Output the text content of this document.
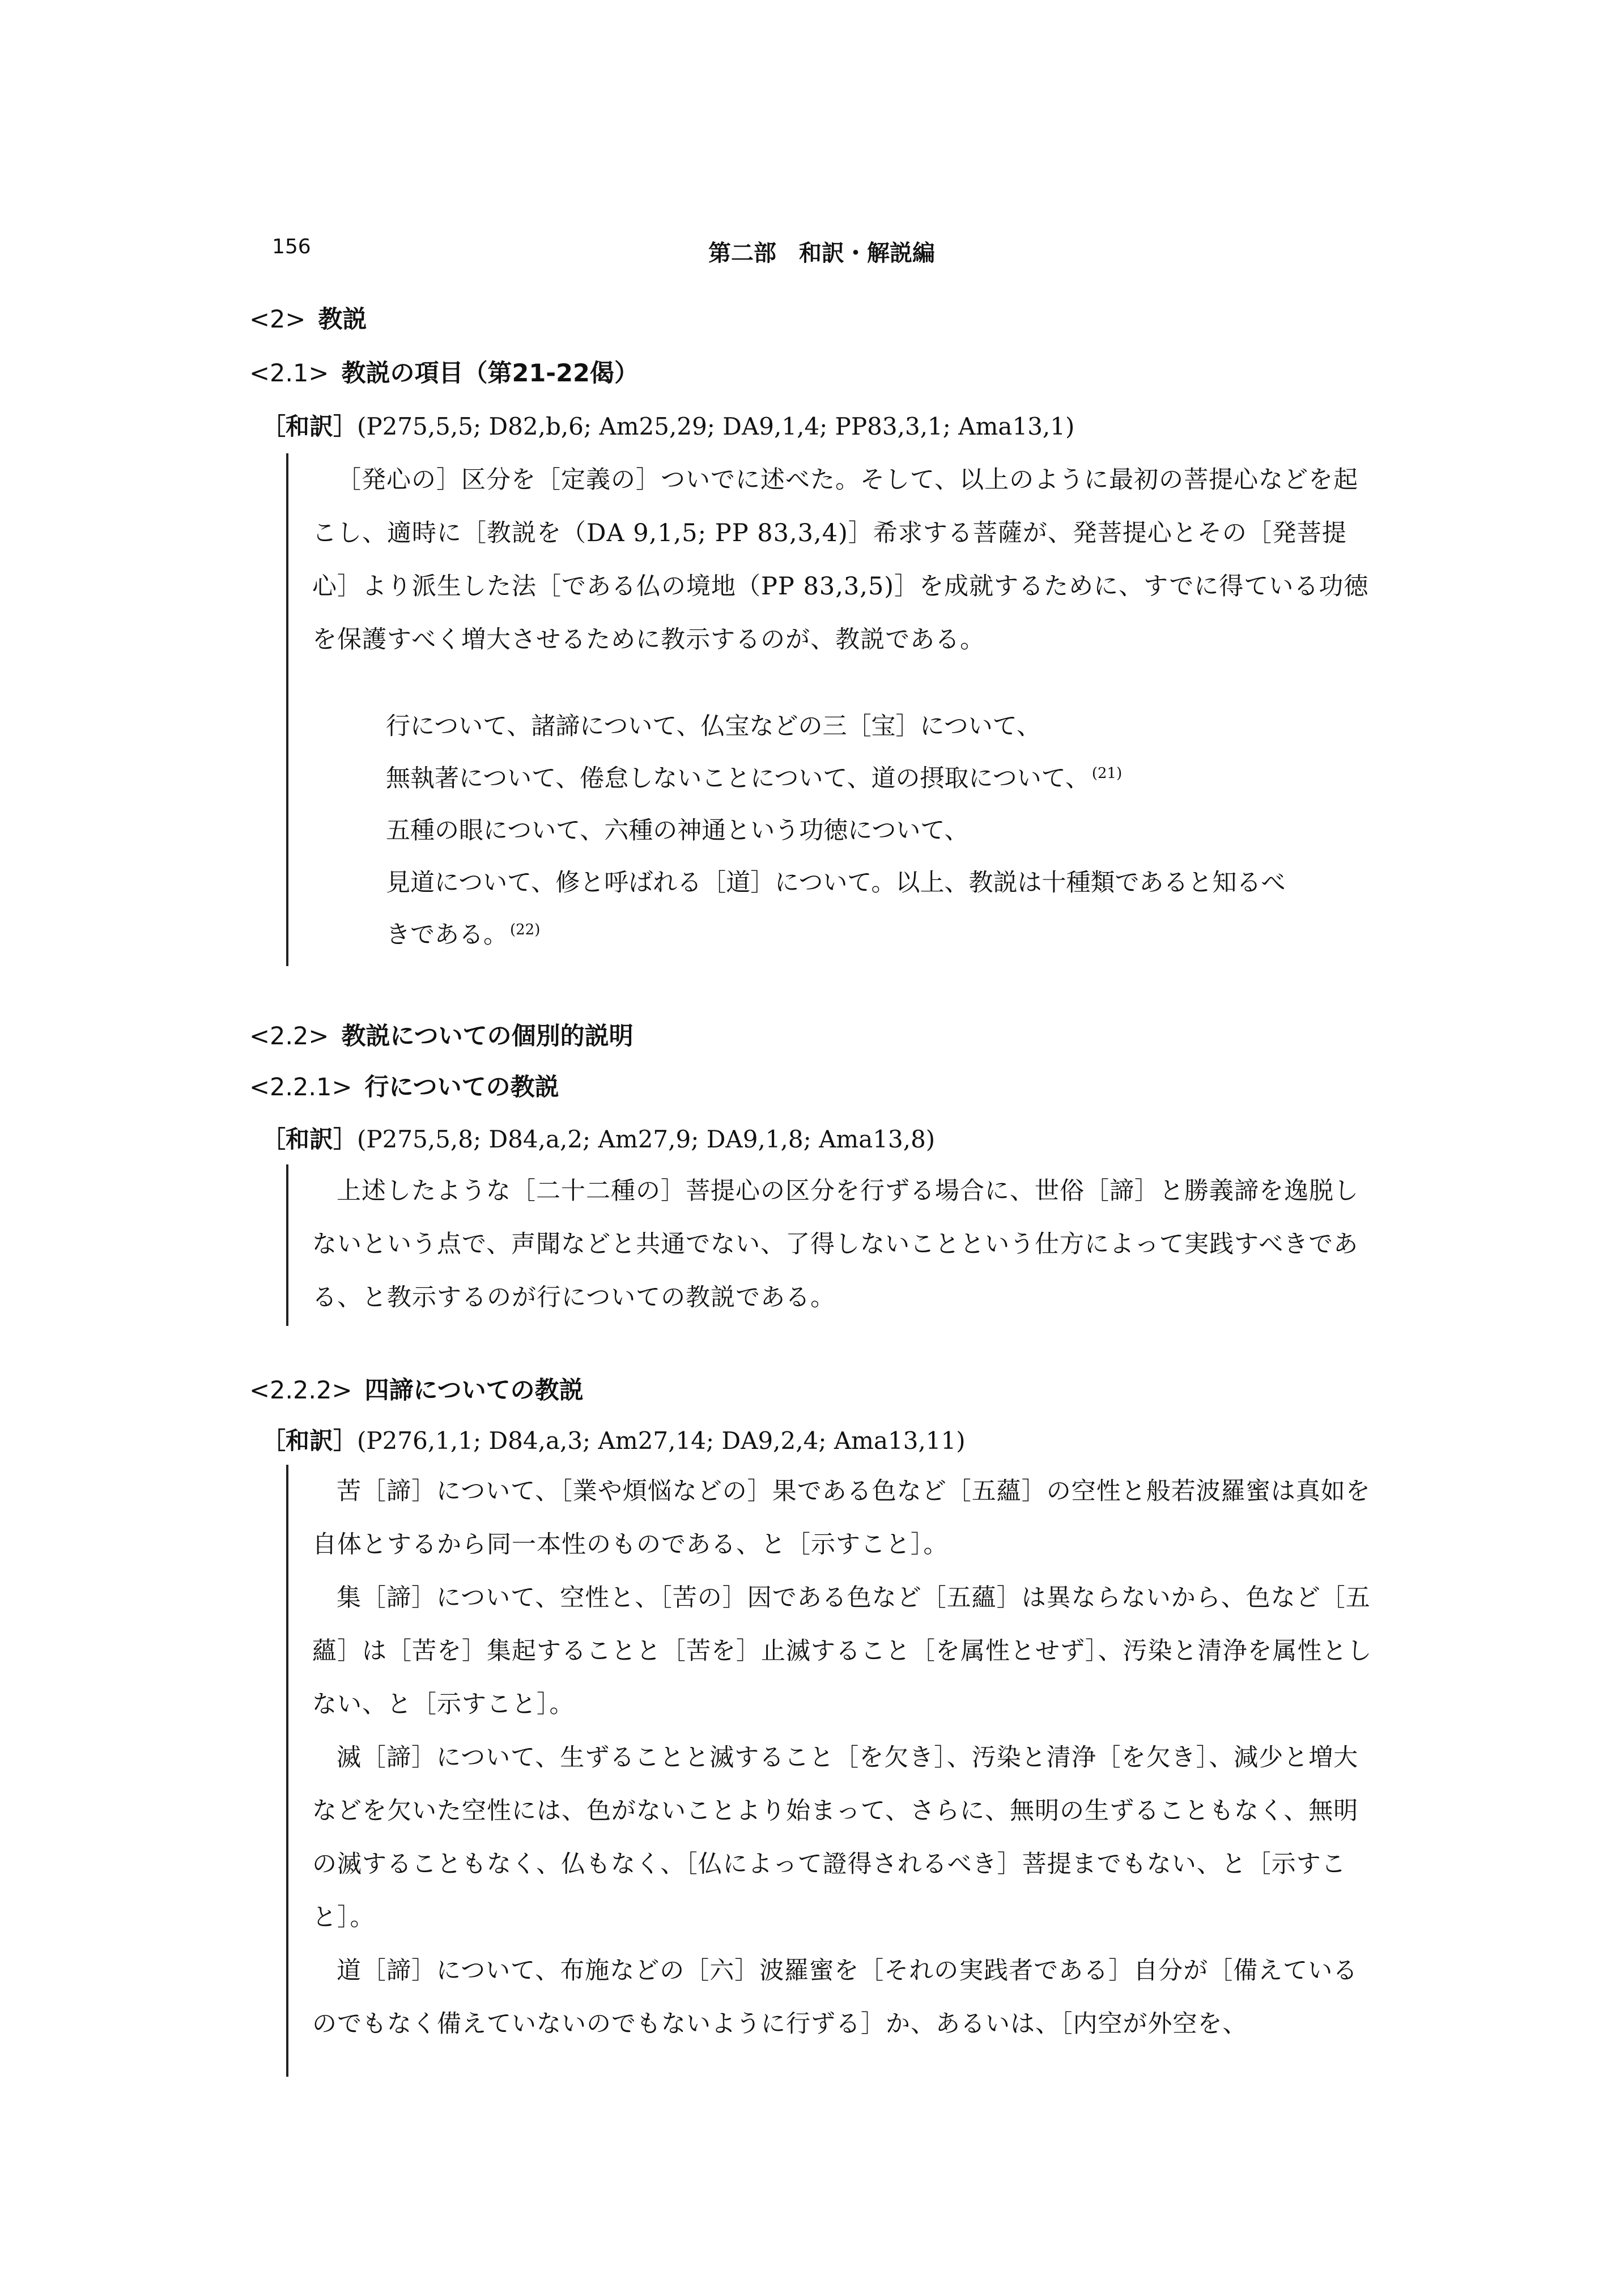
156	第二部　和訳・解説編
<2> 教説
<2.1> 教説の項目（第21-22偈）
［和訳］(P275,5,5; D82,b,6; Am25,29; DA9,1,4; PP83,3,1; Ama13,1)

［発心の］区分を［定義の］ついでに述べた。そして、以上のように最初の菩提心などを起こし、適時に［教説を（DA 9,1,5; PP 83,3,4)］希求する菩薩が、発菩提心とその［発菩提心］より派生した法［である仏の境地（PP 83,3,5)］を成就するために、すでに得ている功徳を保護すべく増大させるために教示するのが、教説である。

行について、諸諦について、仏宝などの三［宝］について、

無執著について、倦怠しないことについて、道の摂取について、 $^{(21)}$

五種の眼について、六種の神通という功徳について、

見道について、修と呼ばれる［道］について。以上、教説は十種類であると知るべ

きである。 $^{(22)}$

<2.2> 教説についての個別的説明
<2.2.1> 行についての教説
［和訳］(P275,5,8; D84,a,2; Am27,9; DA9,1,8; Ama13,8)

上述したような［二十二種の］菩提心の区分を行ずる場合に、世俗［諦］と勝義諦を逸脱しないという点で、声聞などと共通でない、了得しないことという仕方によって実践すべきである、と教示するのが行についての教説である。

<2.2.2> 四諦についての教説
［和訳］(P276,1,1; D84,a,3; Am27,14; DA9,2,4; Ama13,11)

苦［諦］について、［業や煩悩などの］果である色など［五蘊］の空性と般若波羅蜜は真如を自体とするから同一本性のものである、と［示すこと］。

集［諦］について、空性と、［苦の］因である色など［五蘊］は異ならないから、色など［五蘊］は［苦を］集起することと［苦を］止滅すること［を属性とせず］、汚染と清浄を属性としない、と［示すこと］。

滅［諦］について、生ずることと滅すること［を欠き］、汚染と清浄［を欠き］、減少と増大などを欠いた空性には、色がないことより始まって、さらに、無明の生ずることもなく、無明の滅することもなく、仏もなく、［仏によって證得されるべき］菩提までもない、と［示すこと］。

道［諦］について、布施などの［六］波羅蜜を［それの実践者である］自分が［備えているのでもなく備えていないのでもないように行ずる］か、あるいは、［内空が外空を、
